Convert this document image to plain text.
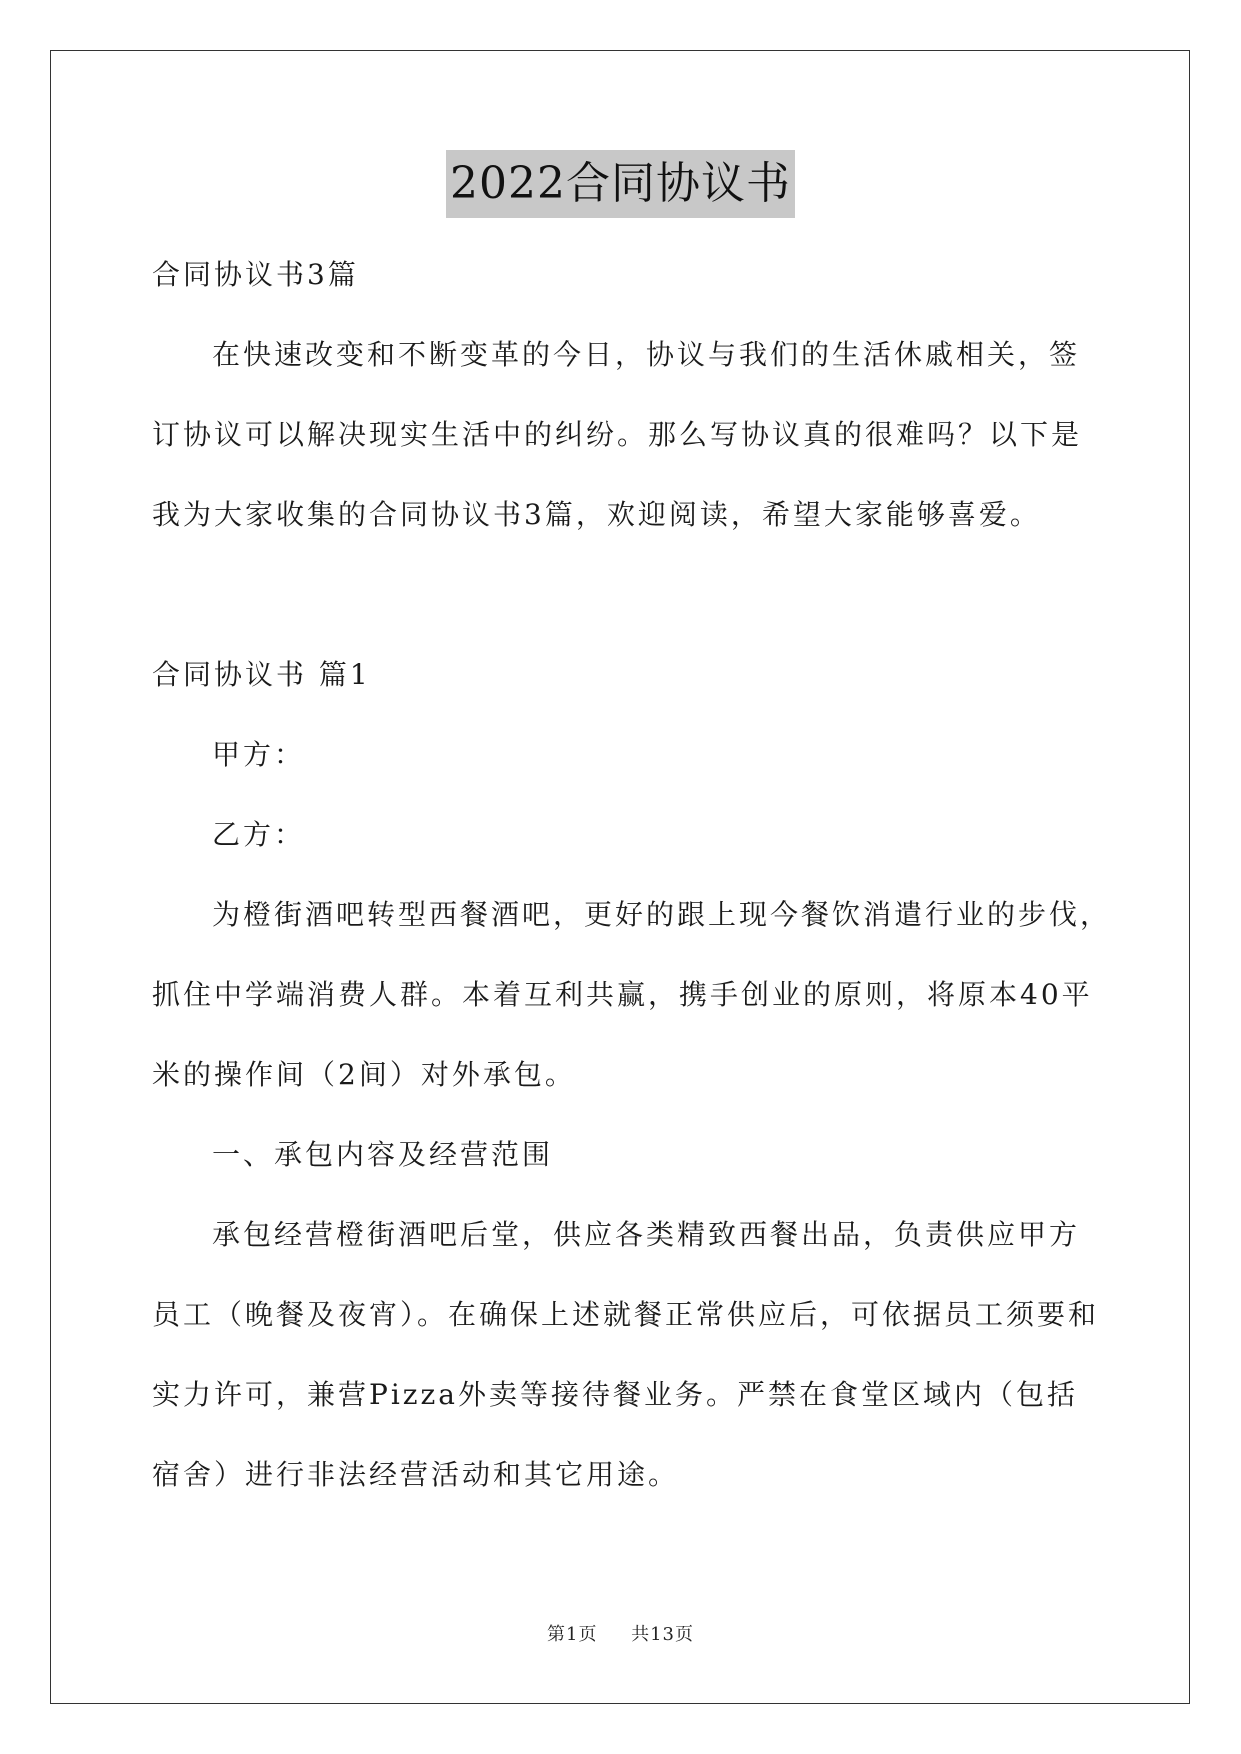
2022合同协议书
合同协议书3篇
在快速改变和不断变革的今日，协议与我们的生活休戚相关，签
订协议可以解决现实生活中的纠纷。那么写协议真的很难吗？以下是
我为大家收集的合同协议书3篇，欢迎阅读，希望大家能够喜爱。
合同协议书 篇1
甲方：
乙方：
为橙街酒吧转型西餐酒吧，更好的跟上现今餐饮消遣行业的步伐，
抓住中学端消费人群。本着互利共赢，携手创业的原则，将原本40平
米的操作间（2间）对外承包。
一、承包内容及经营范围
承包经营橙街酒吧后堂，供应各类精致西餐出品，负责供应甲方
员工（晚餐及夜宵）。在确保上述就餐正常供应后，可依据员工须要和
实力许可，兼营Pizza外卖等接待餐业务。严禁在食堂区域内（包括
宿舍）进行非法经营活动和其它用途。
第1页 共13页
